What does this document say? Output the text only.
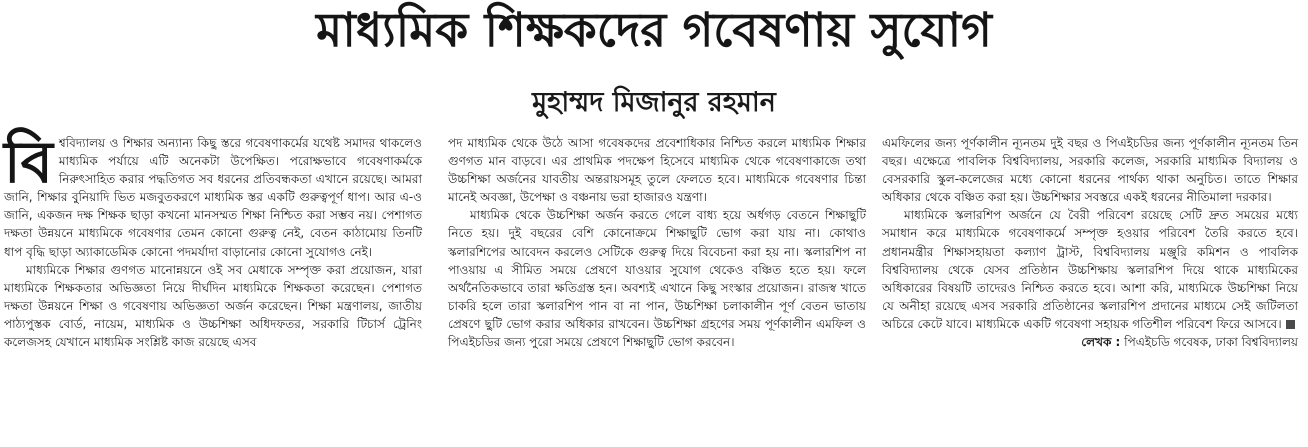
মাধ্যমিক শিক্ষকদের গবেষণায় সুযোগ
মুহাম্মদ মিজানুর রহমান

বিশ্ববিদ্যালয় ও শিক্ষার অন্যান্য কিছু স্তরে গবেষণাকর্মের যথেষ্ট সমাদর থাকলেও মাধ্যমিক পর্যায়ে এটি অনেকটা উপেক্ষিত। পরোক্ষভাবে গবেষণাকর্মকে নিরুৎসাহিত করার পদ্ধতিগত সব ধরনের প্রতিবন্ধকতা এখানে রয়েছে। আমরা জানি, শিক্ষার বুনিয়াদি ভিত মজবুতকরণে মাধ্যমিক স্তর একটি গুরুত্বপূর্ণ ধাপ। আর এ-ও জানি, একজন দক্ষ শিক্ষক ছাড়া কখনো মানসম্মত শিক্ষা নিশ্চিত করা সম্ভব নয়। পেশাগত দক্ষতা উন্নয়নে মাধ্যমিকে গবেষণার তেমন কোনো গুরুত্ব নেই, বেতন কাঠামোয় তিনটি ধাপ বৃদ্ধি ছাড়া অ্যাকাডেমিক কোনো পদমর্যাদা বাড়ানোর কোনো সুযোগও নেই।

মাধ্যমিকে শিক্ষার গুণগত মানোন্নয়নে ওই সব মেধাকে সম্পৃক্ত করা প্রয়োজন, যারা মাধ্যমিকে শিক্ষকতার অভিজ্ঞতা নিয়ে দীর্ঘদিন মাধ্যমিকে শিক্ষকতা করেছেন। পেশাগত দক্ষতা উন্নয়নে শিক্ষা ও গবেষণায় অভিজ্ঞতা অর্জন করেছেন। শিক্ষা মন্ত্রণালয়, জাতীয় পাঠ্যপুস্তক বোর্ড, নায়েম, মাধ্যমিক ও উচ্চশিক্ষা অধিদফতর, সরকারি টিচার্স ট্রেনিং কলেজসহ যেখানে মাধ্যমিক সংশ্লিষ্ট কাজ রয়েছে এসব

পদ মাধ্যমিক থেকে উঠে আসা গবেষকদের প্রবেশাধিকার নিশ্চিত করলে মাধ্যমিক শিক্ষার গুণগত মান বাড়বে। এর প্রাথমিক পদক্ষেপ হিসেবে মাধ্যমিক থেকে গবেষণাকাজে তথা উচ্চশিক্ষা অর্জনের যাবতীয় অন্তরায়সমূহ তুলে ফেলতে হবে। মাধ্যমিকে গবেষণার চিন্তা মানেই অবজ্ঞা, উপেক্ষা ও বঞ্চনায় ভরা হাজারও যন্ত্রণা।

মাধ্যমিক থেকে উচ্চশিক্ষা অর্জন করতে গেলে বাধ্য হয়ে অর্ধগড় বেতনে শিক্ষাছুটি নিতে হয়। দুই বছরের বেশি কোনোক্রমে শিক্ষাছুটি ভোগ করা যায় না। কোথাও স্কলারশিপের আবেদন করলেও সেটিকে গুরুত্ব দিয়ে বিবেচনা করা হয় না। স্কলারশিপ না পাওয়ায় এ সীমিত সময়ে প্রেষণে যাওয়ার সুযোগ থেকেও বঞ্চিত হতে হয়। ফলে অর্থনৈতিকভাবে তারা ক্ষতিগ্রস্ত হন। অবশ্যই এখানে কিছু সংস্কার প্রয়োজন। রাজস্ব খাতে চাকরি হলে তারা স্কলারশিপ পান বা না পান, উচ্চশিক্ষা চলাকালীন পূর্ণ বেতন ভাতায় প্রেষণে ছুটি ভোগ করার অধিকার রাখবেন। উচ্চশিক্ষা গ্রহণের সময় পূর্ণকালীন এমফিল ও পিএইচডির জন্য পুরো সময়ে প্রেষণে শিক্ষাছুটি ভোগ করবেন।

এমফিলের জন্য পূর্ণকালীন ন্যূনতম দুই বছর ও পিএইচডির জন্য পূর্ণকালীন ন্যূনতম তিন বছর। এক্ষেত্রে পাবলিক বিশ্ববিদ্যালয়, সরকারি কলেজ, সরকারি মাধ্যমিক বিদ্যালয় ও বেসরকারি স্কুল-কলেজের মধ্যে কোনো ধরনের পার্থক্য থাকা অনুচিত। তাতে শিক্ষার অধিকার থেকে বঞ্চিত করা হয়। উচ্চশিক্ষার সবস্তরে একই ধরনের নীতিমালা দরকার।

মাধ্যমিকে স্কলারশিপ অর্জনে যে বৈরী পরিবেশ রয়েছে সেটি দ্রুত সময়ের মধ্যে সমাধান করে মাধ্যমিকে গবেষণাকর্মে সম্পৃক্ত হওয়ার পরিবেশ তৈরি করতে হবে। প্রধানমন্ত্রীর শিক্ষাসহায়তা কল্যাণ ট্রাস্ট, বিশ্ববিদ্যালয় মঞ্জুরি কমিশন ও পাবলিক বিশ্ববিদ্যালয় থেকে যেসব প্রতিষ্ঠান উচ্চশিক্ষায় স্কলারশিপ দিয়ে থাকে মাধ্যমিকের অধিকারের বিষয়টি তাদেরও নিশ্চিত করতে হবে। আশা করি, মাধ্যমিকে উচ্চশিক্ষা নিয়ে যে অনীহা রয়েছে এসব সরকারি প্রতিষ্ঠানের স্কলারশিপ প্রদানের মাধ্যমে সেই জটিলতা অচিরে কেটে যাবে। মাধ্যমিকে একটি গবেষণা সহায়ক গতিশীল পরিবেশ ফিরে আসবে।

লেখক : পিএইচডি গবেষক, ঢাকা বিশ্ববিদ্যালয়
